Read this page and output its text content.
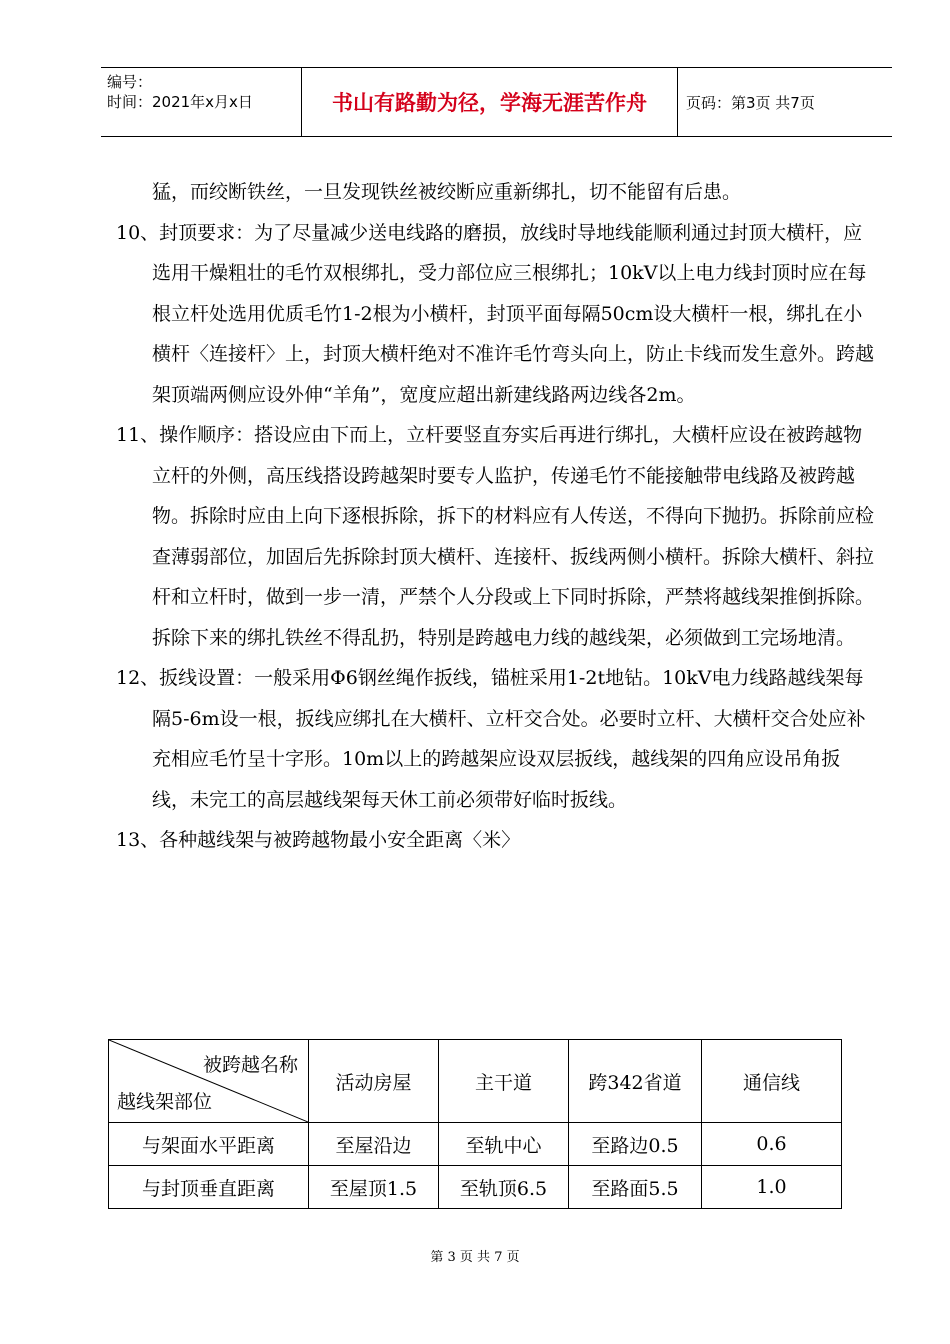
编号：
时间：2021年x月x日	书山有路勤为径，学海无涯苦作舟	页码：第3页 共7页

猛，而绞断铁丝，一旦发现铁丝被绞断应重新绑扎，切不能留有后患。

10、封顶要求：为了尽量减少送电线路的磨损，放线时导地线能顺利通过封顶大横杆，应选用干燥粗壮的毛竹双根绑扎，受力部位应三根绑扎；10kV以上电力线封顶时应在每根立杆处选用优质毛竹1-2根为小横杆，封顶平面每隔50cm设大横杆一根，绑扎在小横杆〈连接杆〉上，封顶大横杆绝对不准许毛竹弯头向上，防止卡线而发生意外。跨越架顶端两侧应设外伸“羊角”，宽度应超出新建线路两边线各2m。

11、操作顺序：搭设应由下而上，立杆要竖直夯实后再进行绑扎，大横杆应设在被跨越物立杆的外侧，高压线搭设跨越架时要专人监护，传递毛竹不能接触带电线路及被跨越物。拆除时应由上向下逐根拆除，拆下的材料应有人传送，不得向下抛扔。拆除前应检查薄弱部位，加固后先拆除封顶大横杆、连接杆、扳线两侧小横杆。拆除大横杆、斜拉杆和立杆时，做到一步一清，严禁个人分段或上下同时拆除，严禁将越线架推倒拆除。拆除下来的绑扎铁丝不得乱扔，特别是跨越电力线的越线架，必须做到工完场地清。

12、扳线设置：一般采用Φ6钢丝绳作扳线，锚桩采用1-2t地钻。10kV电力线路越线架每隔5-6m设一根，扳线应绑扎在大横杆、立杆交合处。必要时立杆、大横杆交合处应补充相应毛竹呈十字形。10m以上的跨越架应设双层扳线，越线架的四角应设吊角扳线，未完工的高层越线架每天休工前必须带好临时扳线。

13、各种越线架与被跨越物最小安全距离〈米〉

被跨越名称
越线架部位	活动房屋	主干道	跨342省道	通信线
与架面水平距离	至屋沿边	至轨中心	至路边0.5	0.6
与封顶垂直距离	至屋顶1.5	至轨顶6.5	至路面5.5	1.0
第 3 页 共 7 页
